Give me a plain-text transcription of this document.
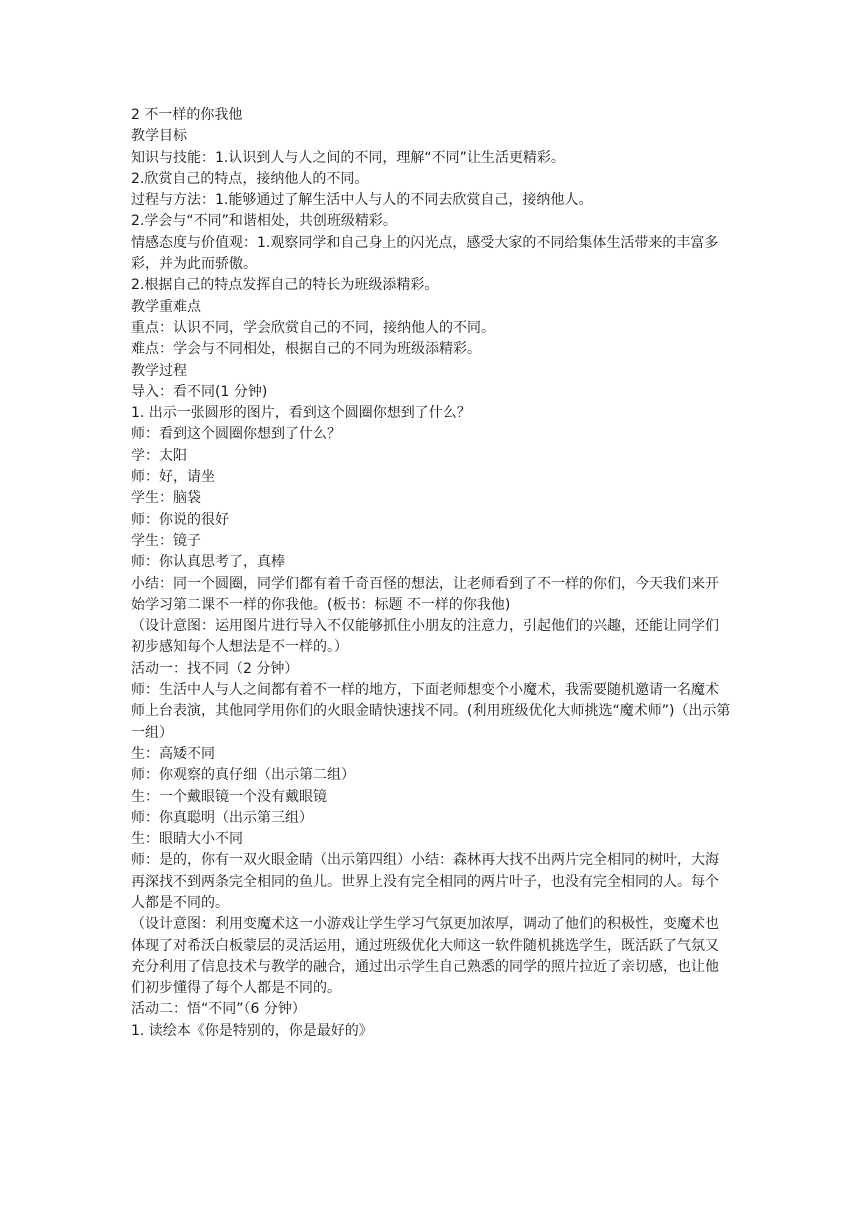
2 不一样的你我他

教学目标

知识与技能：1.认识到人与人之间的不同，理解“不同”让生活更精彩。

2.欣赏自己的特点，接纳他人的不同。

过程与方法：1.能够通过了解生活中人与人的不同去欣赏自己，接纳他人。

2.学会与“不同”和谐相处，共创班级精彩。

情感态度与价值观：1.观察同学和自己身上的闪光点，感受大家的不同给集体生活带来的丰富多彩，并为此而骄傲。

2.根据自己的特点发挥自己的特长为班级添精彩。

教学重难点

重点：认识不同，学会欣赏自己的不同，接纳他人的不同。

难点：学会与不同相处，根据自己的不同为班级添精彩。

教学过程

导入：看不同(1 分钟)

1. 出示一张圆形的图片，看到这个圆圈你想到了什么？

师：看到这个圆圈你想到了什么？

学：太阳

师：好，请坐

学生：脑袋

师：你说的很好

学生：镜子

师：你认真思考了，真棒

小结：同一个圆圈，同学们都有着千奇百怪的想法，让老师看到了不一样的你们，今天我们来开始学习第二课不一样的你我他。(板书：标题 不一样的你我他)

（设计意图：运用图片进行导入不仅能够抓住小朋友的注意力，引起他们的兴趣，还能让同学们初步感知每个人想法是不一样的。）

活动一：找不同（2 分钟）

师：生活中人与人之间都有着不一样的地方，下面老师想变个小魔术，我需要随机邀请一名魔术师上台表演，其他同学用你们的火眼金睛快速找不同。(利用班级优化大师挑选“魔术师”)（出示第一组）

生：高矮不同

师：你观察的真仔细（出示第二组）

生：一个戴眼镜一个没有戴眼镜

师：你真聪明（出示第三组）

生：眼睛大小不同

师：是的，你有一双火眼金睛（出示第四组）小结：森林再大找不出两片完全相同的树叶，大海再深找不到两条完全相同的鱼儿。世界上没有完全相同的两片叶子，也没有完全相同的人。每个人都是不同的。

（设计意图：利用变魔术这一小游戏让学生学习气氛更加浓厚，调动了他们的积极性，变魔术也体现了对希沃白板蒙层的灵活运用，通过班级优化大师这一软件随机挑选学生，既活跃了气氛又充分利用了信息技术与教学的融合，通过出示学生自己熟悉的同学的照片拉近了亲切感，也让他们初步懂得了每个人都是不同的。

活动二：悟“不同”（6 分钟）

1. 读绘本《你是特别的，你是最好的》
